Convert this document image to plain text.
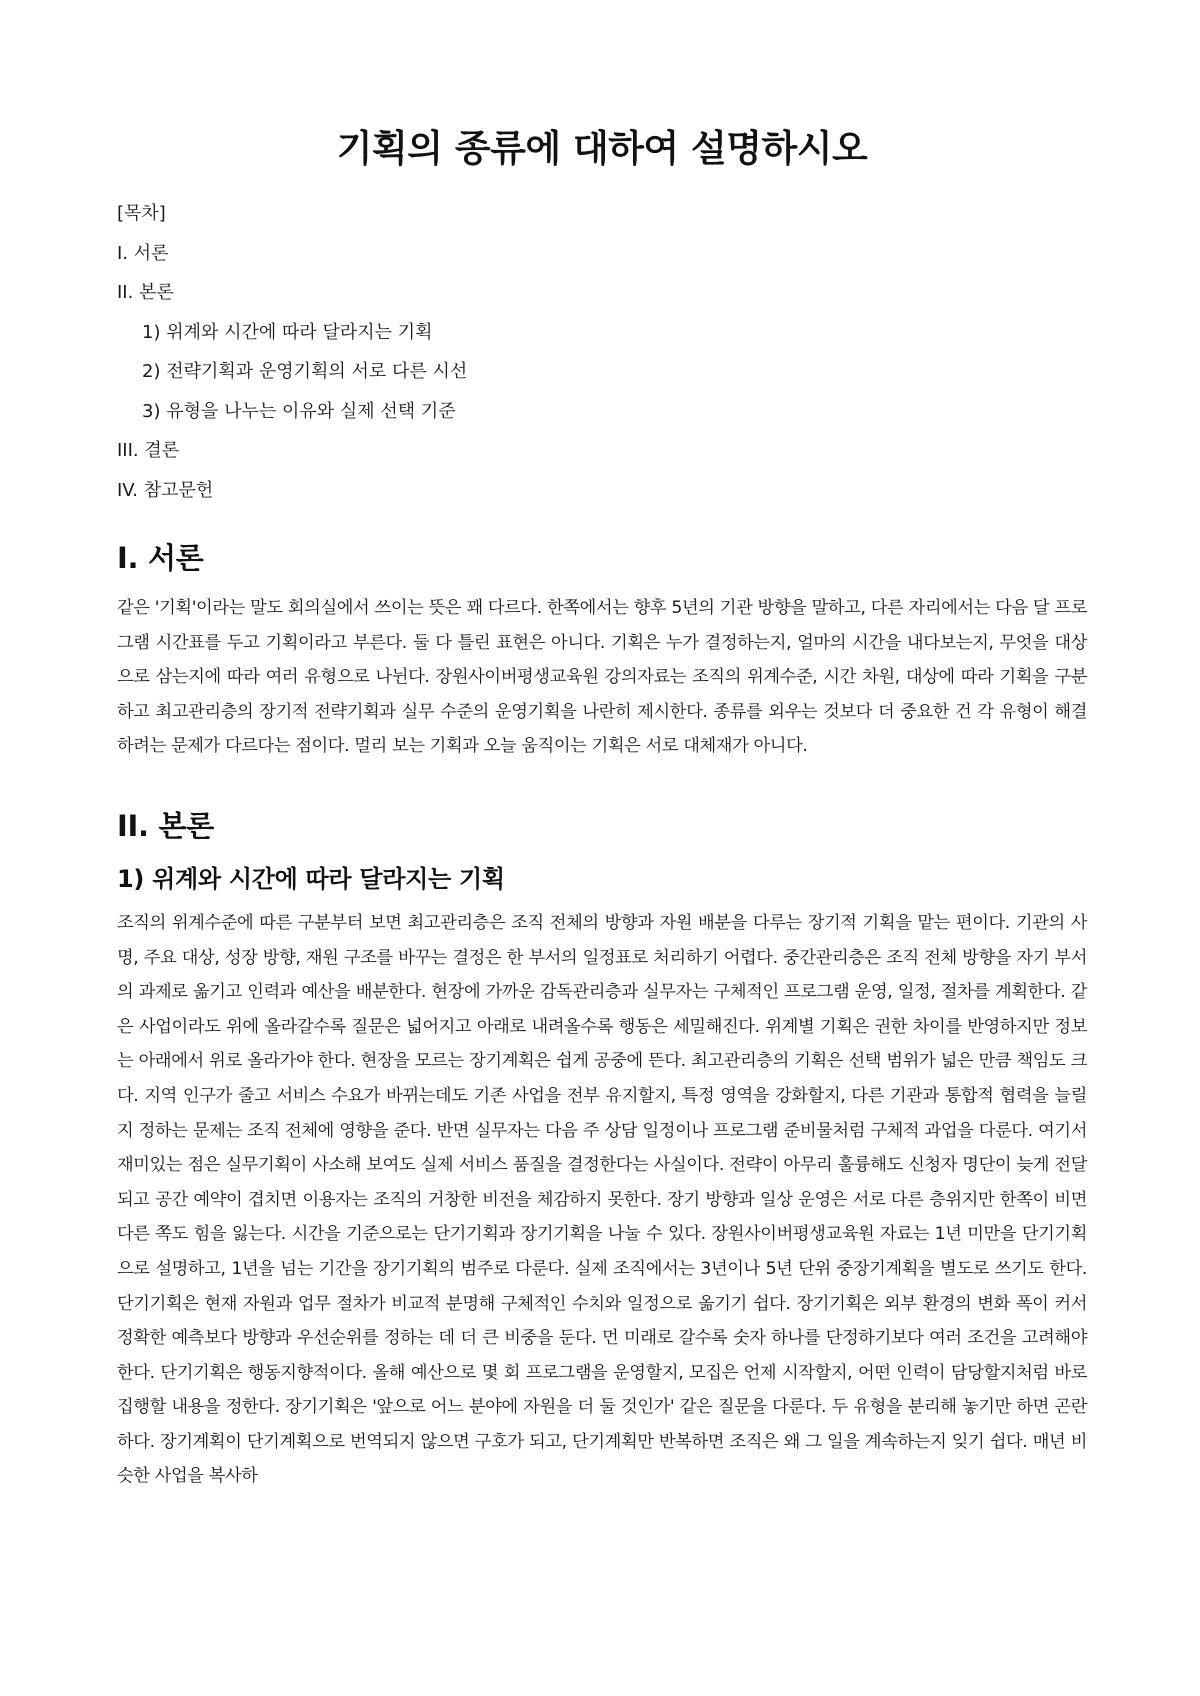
기획의 종류에 대하여 설명하시오
[목차]
I. 서론
II. 본론
1) 위계와 시간에 따라 달라지는 기획
2) 전략기획과 운영기획의 서로 다른 시선
3) 유형을 나누는 이유와 실제 선택 기준
III. 결론
IV. 참고문헌
I. 서론

같은 '기획'이라는 말도 회의실에서 쓰이는 뜻은 꽤 다르다. 한쪽에서는 향후 5년의 기관 방향을 말하고, 다른 자리에서는 다음 달 프로그램 시간표를 두고 기획이라고 부른다. 둘 다 틀린 표현은 아니다. 기획은 누가 결정하는지, 얼마의 시간을 내다보는지, 무엇을 대상으로 삼는지에 따라 여러 유형으로 나뉜다. 장원사이버평생교육원 강의자료는 조직의 위계수준, 시간 차원, 대상에 따라 기획을 구분하고 최고관리층의 장기적 전략기획과 실무 수준의 운영기획을 나란히 제시한다. 종류를 외우는 것보다 더 중요한 건 각 유형이 해결하려는 문제가 다르다는 점이다. 멀리 보는 기획과 오늘 움직이는 기획은 서로 대체재가 아니다.

II. 본론
1) 위계와 시간에 따라 달라지는 기획

조직의 위계수준에 따른 구분부터 보면 최고관리층은 조직 전체의 방향과 자원 배분을 다루는 장기적 기획을 맡는 편이다. 기관의 사명, 주요 대상, 성장 방향, 재원 구조를 바꾸는 결정은 한 부서의 일정표로 처리하기 어렵다. 중간관리층은 조직 전체 방향을 자기 부서의 과제로 옮기고 인력과 예산을 배분한다. 현장에 가까운 감독관리층과 실무자는 구체적인 프로그램 운영, 일정, 절차를 계획한다. 같은 사업이라도 위에 올라갈수록 질문은 넓어지고 아래로 내려올수록 행동은 세밀해진다. 위계별 기획은 권한 차이를 반영하지만 정보는 아래에서 위로 올라가야 한다. 현장을 모르는 장기계획은 쉽게 공중에 뜬다. 최고관리층의 기획은 선택 범위가 넓은 만큼 책임도 크다. 지역 인구가 줄고 서비스 수요가 바뀌는데도 기존 사업을 전부 유지할지, 특정 영역을 강화할지, 다른 기관과 통합적 협력을 늘릴지 정하는 문제는 조직 전체에 영향을 준다. 반면 실무자는 다음 주 상담 일정이나 프로그램 준비물처럼 구체적 과업을 다룬다. 여기서 재미있는 점은 실무기획이 사소해 보여도 실제 서비스 품질을 결정한다는 사실이다. 전략이 아무리 훌륭해도 신청자 명단이 늦게 전달되고 공간 예약이 겹치면 이용자는 조직의 거창한 비전을 체감하지 못한다. 장기 방향과 일상 운영은 서로 다른 층위지만 한쪽이 비면 다른 쪽도 힘을 잃는다. 시간을 기준으로는 단기기획과 장기기획을 나눌 수 있다. 장원사이버평생교육원 자료는 1년 미만을 단기기획으로 설명하고, 1년을 넘는 기간을 장기기획의 범주로 다룬다. 실제 조직에서는 3년이나 5년 단위 중장기계획을 별도로 쓰기도 한다. 단기기획은 현재 자원과 업무 절차가 비교적 분명해 구체적인 수치와 일정으로 옮기기 쉽다. 장기기획은 외부 환경의 변화 폭이 커서 정확한 예측보다 방향과 우선순위를 정하는 데 더 큰 비중을 둔다. 먼 미래로 갈수록 숫자 하나를 단정하기보다 여러 조건을 고려해야 한다. 단기기획은 행동지향적이다. 올해 예산으로 몇 회 프로그램을 운영할지, 모집은 언제 시작할지, 어떤 인력이 담당할지처럼 바로 집행할 내용을 정한다. 장기기획은 '앞으로 어느 분야에 자원을 더 둘 것인가' 같은 질문을 다룬다. 두 유형을 분리해 놓기만 하면 곤란하다. 장기계획이 단기계획으로 번역되지 않으면 구호가 되고, 단기계획만 반복하면 조직은 왜 그 일을 계속하는지 잊기 쉽다. 매년 비슷한 사업을 복사하
